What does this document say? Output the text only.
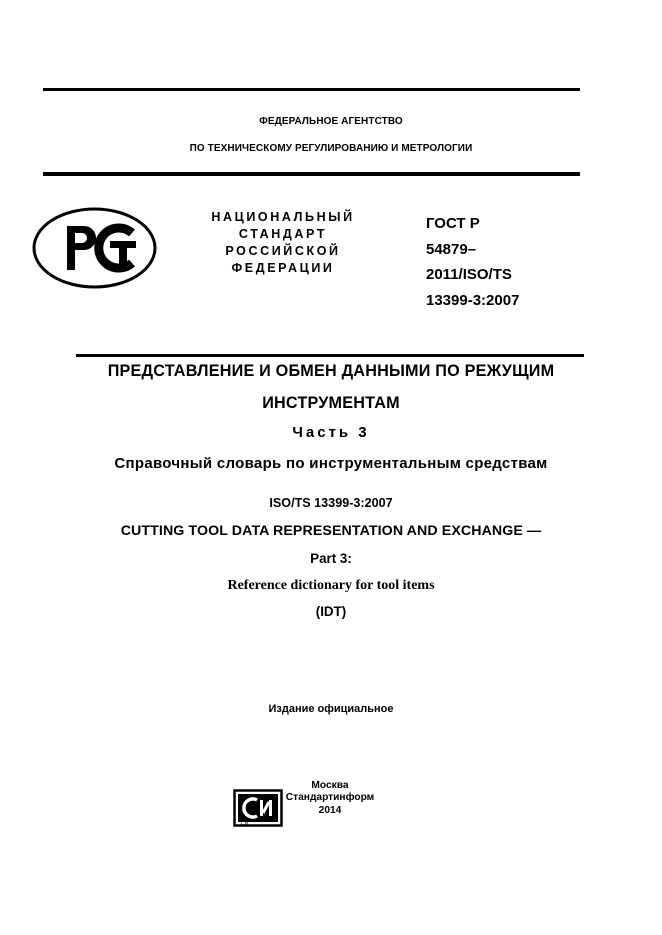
ФЕДЕРАЛЬНОЕ АГЕНТСТВО
ПО ТЕХНИЧЕСКОМУ РЕГУЛИРОВАНИЮ И МЕТРОЛОГИИ
НАЦИОНАЛЬНЫЙ
СТАНДАРТ
РОССИЙСКОЙ
ФЕДЕРАЦИИ
ГОСТ Р
54879–
2011/ISO/TS
13399-3:2007
ПРЕДСТАВЛЕНИЕ И ОБМЕН ДАННЫМИ ПО РЕЖУЩИМ
ИНСТРУМЕНТАМ
Часть 3
Справочный словарь по инструментальным средствам
ISO/TS 13399-3:2007
CUTTING TOOL DATA REPRESENTATION AND EXCHANGE —
Part 3:
Reference dictionary for tool items
(IDT)
Издание официальное
СИ
Москва
Стандартинформ
2014
